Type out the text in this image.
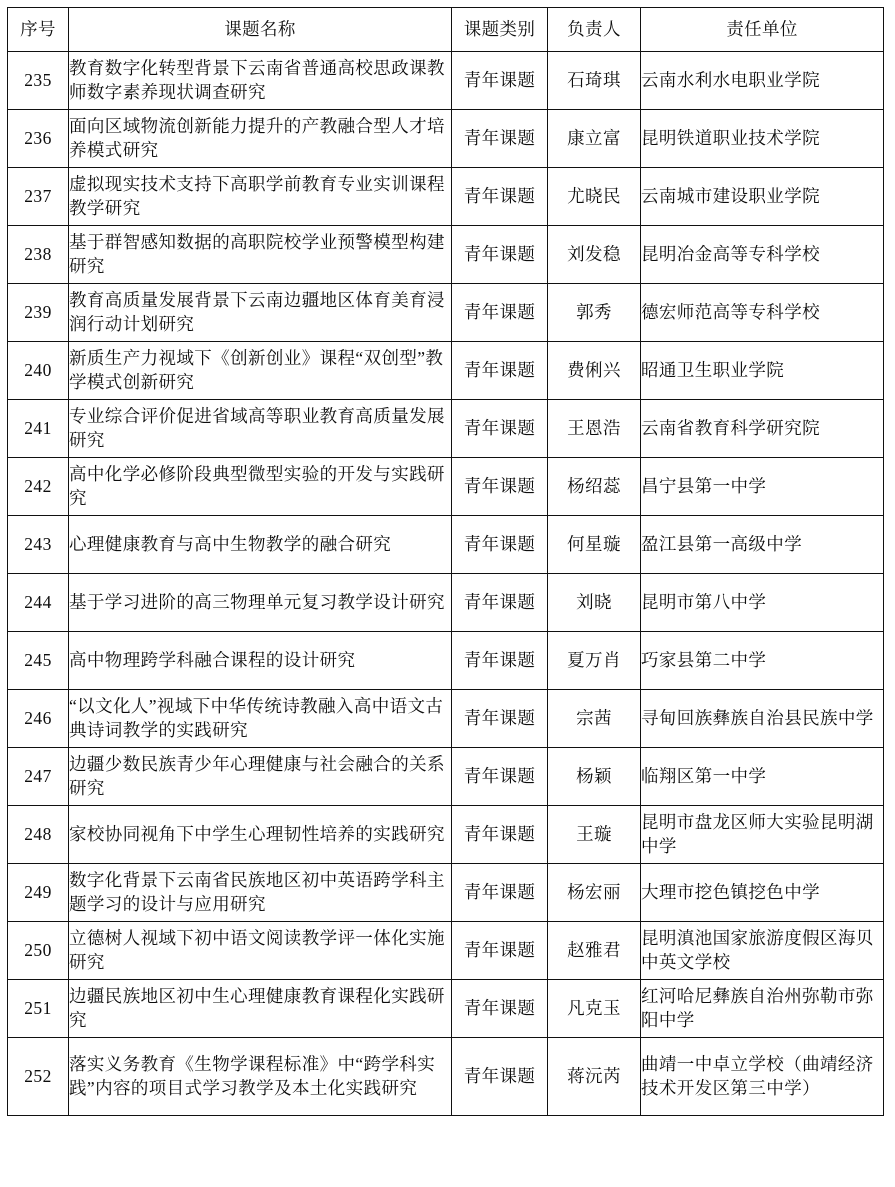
序号	课题名称	课题类别	负责人	责任单位
235	教育数字化转型背景下云南省普通高校思政课教师数字素养现状调查研究	青年课题	石琦琪	云南水利水电职业学院
236	面向区域物流创新能力提升的产教融合型人才培养模式研究	青年课题	康立富	昆明铁道职业技术学院
237	虚拟现实技术支持下高职学前教育专业实训课程教学研究	青年课题	尤晓民	云南城市建设职业学院
238	基于群智感知数据的高职院校学业预警模型构建研究	青年课题	刘发稳	昆明冶金高等专科学校
239	教育高质量发展背景下云南边疆地区体育美育浸润行动计划研究	青年课题	郭秀	德宏师范高等专科学校
240	新质生产力视域下《创新创业》课程“双创型”教学模式创新研究	青年课题	费俐兴	昭通卫生职业学院
241	专业综合评价促进省域高等职业教育高质量发展研究	青年课题	王恩浩	云南省教育科学研究院
242	高中化学必修阶段典型微型实验的开发与实践研究	青年课题	杨绍蕊	昌宁县第一中学
243	心理健康教育与高中生物教学的融合研究	青年课题	何星璇	盈江县第一高级中学
244	基于学习进阶的高三物理单元复习教学设计研究	青年课题	刘晓	昆明市第八中学
245	高中物理跨学科融合课程的设计研究	青年课题	夏万肖	巧家县第二中学
246	“以文化人”视域下中华传统诗教融入高中语文古典诗词教学的实践研究	青年课题	宗茜	寻甸回族彝族自治县民族中学
247	边疆少数民族青少年心理健康与社会融合的关系研究	青年课题	杨颖	临翔区第一中学
248	家校协同视角下中学生心理韧性培养的实践研究	青年课题	王璇	昆明市盘龙区师大实验昆明湖中学
249	数字化背景下云南省民族地区初中英语跨学科主题学习的设计与应用研究	青年课题	杨宏丽	大理市挖色镇挖色中学
250	立德树人视域下初中语文阅读教学评一体化实施研究	青年课题	赵雅君	昆明滇池国家旅游度假区海贝中英文学校
251	边疆民族地区初中生心理健康教育课程化实践研究	青年课题	凡克玉	红河哈尼彝族自治州弥勒市弥阳中学
252	落实义务教育《生物学课程标准》中“跨学科实践”内容的项目式学习教学及本土化实践研究	青年课题	蒋沅芮	曲靖一中卓立学校（曲靖经济技术开发区第三中学）
